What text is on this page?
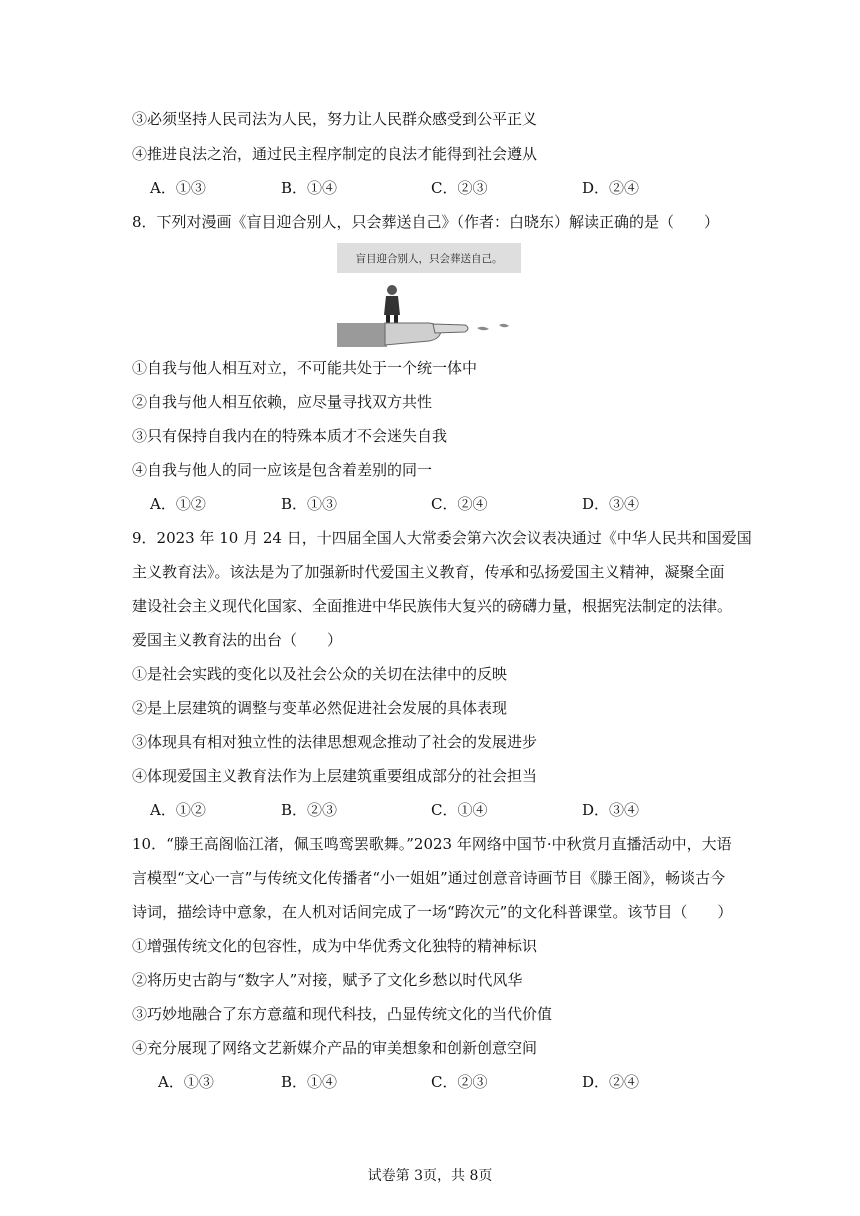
③必须坚持人民司法为人民，努力让人民群众感受到公平正义
④推进良法之治，通过民主程序制定的良法才能得到社会遵从
A．①③	B．①④	C．②③	D．②④
8．下列对漫画《盲目迎合别人，只会葬送自己》（作者：白晓东）解读正确的是（　　）
盲目迎合别人，只会葬送自己。
①自我与他人相互对立，不可能共处于一个统一体中
②自我与他人相互依赖，应尽量寻找双方共性
③只有保持自我内在的特殊本质才不会迷失自我
④自我与他人的同一应该是包含着差别的同一
A．①②	B．①③	C．②④	D．③④
9．2023 年 10 月 24 日，十四届全国人大常委会第六次会议表决通过《中华人民共和国爱国
主义教育法》。该法是为了加强新时代爱国主义教育，传承和弘扬爱国主义精神，凝聚全面
建设社会主义现代化国家、全面推进中华民族伟大复兴的磅礴力量，根据宪法制定的法律。
爱国主义教育法的出台（　　）
①是社会实践的变化以及社会公众的关切在法律中的反映
②是上层建筑的调整与变革必然促进社会发展的具体表现
③体现具有相对独立性的法律思想观念推动了社会的发展进步
④体现爱国主义教育法作为上层建筑重要组成部分的社会担当
A．①②	B．②③	C．①④	D．③④
10．“滕王高阁临江渚，佩玉鸣鸾罢歌舞。”2023 年网络中国节·中秋赏月直播活动中，大语
言模型“文心一言”与传统文化传播者“小一姐姐”通过创意音诗画节目《滕王阁》，畅谈古今
诗词，描绘诗中意象，在人机对话间完成了一场“跨次元”的文化科普课堂。该节目（　　）
①增强传统文化的包容性，成为中华优秀文化独特的精神标识
②将历史古韵与“数字人”对接，赋予了文化乡愁以时代风华
③巧妙地融合了东方意蕴和现代科技，凸显传统文化的当代价值
④充分展现了网络文艺新媒介产品的审美想象和创新创意空间
A．①③	B．①④	C．②③	D．②④
试卷第 3页，共 8页
